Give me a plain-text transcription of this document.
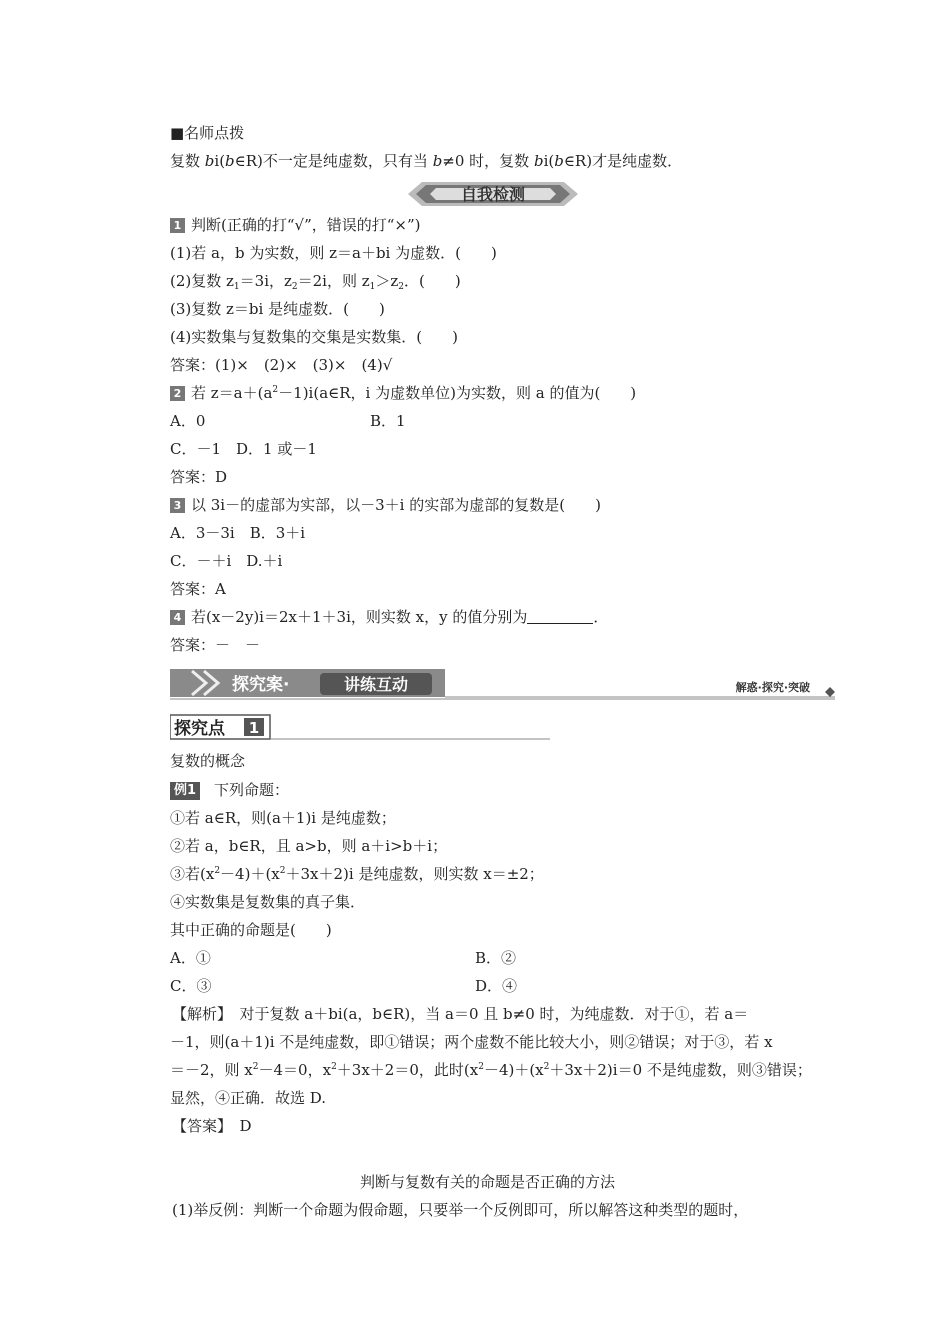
■名师点拨
复数 bi(b∈R)不一定是纯虚数，只有当 b≠0 时，复数 bi(b∈R)才是纯虚数．
自我检测
1 判断(正确的打“√”，错误的打“×”)
(1)若 a，b 为实数，则 z＝a＋bi 为虚数．(　　)
(2)复数 $z_1=3i$，$z_2=2i$，则 $z_1>z_2$．(　　)
(3)复数 z＝bi 是纯虚数．(　　)
(4)实数集与复数集的交集是实数集．(　　)
答案：(1)×　(2)×　(3)×　(4)√
2 若 $z=a+(a^2-1)i(a\in R$，i 为虚数单位)为实数，则 a 的值为(　　)
A．0	B．1
C．－1　D．1 或－1
答案：D
3 以 3i－的虚部为实部，以－3＋i 的实部为虚部的复数是(　　)
A．3－3i　B．3＋i
C．－＋i　D.＋i
答案：A
4 若(x－2y)i＝2x＋1＋3i，则实数 x，y 的值分别为	．
答案：－　－
探究案·	讲练互动	解惑·探究·突破
探究点 1
复数的概念
例1 下列命题：
①若 a∈R，则(a＋1)i 是纯虚数；
②若 a，b∈R，且 a>b，则 a＋i>b＋i；
③若$(x^2-4)+(x^2+3x+2)i$ 是纯虚数，则实数 x＝±2；
④实数集是复数集的真子集．
其中正确的命题是(　　)
A．①	B．②
C．③	D．④
【解析】　对于复数 a＋bi(a，b∈R)，当 a＝0 且 b≠0 时，为纯虚数．对于①，若 a＝
－1，则(a＋1)i 不是纯虚数，即①错误；两个虚数不能比较大小，则②错误；对于③，若 x
＝－2，则 $x^2-4=0$，$x^2+3x+2=0$，此时$(x^2-4)+(x^2+3x+2)i=0$ 不是纯虚数，则③错误；
显然，④正确．故选 D.
【答案】　D
判断与复数有关的命题是否正确的方法
(1)举反例：判断一个命题为假命题，只要举一个反例即可，所以解答这种类型的题时，
